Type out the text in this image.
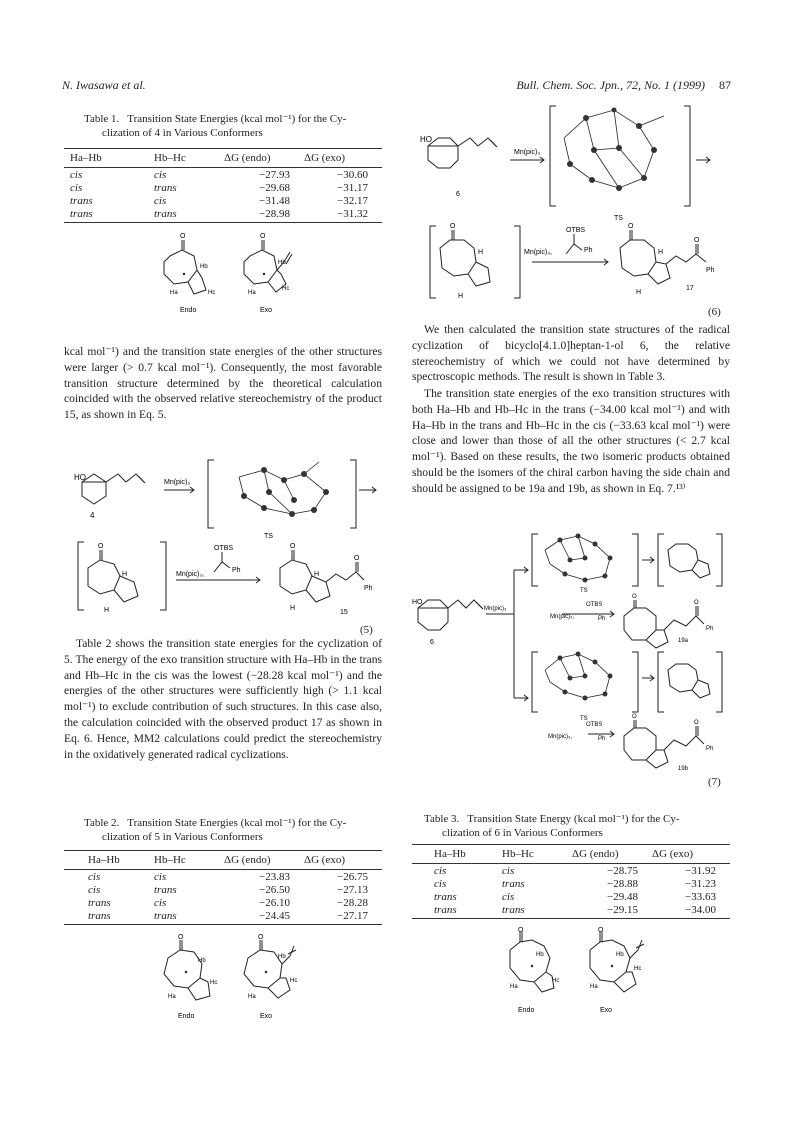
N. Iwasawa et al.	Bull. Chem. Soc. Jpn., 72, No. 1 (1999) 87
Table 1. Transition State Energies (kcal mol⁻¹) for the Cy-
clization of 4 in Various Conformers
Ha–Hb	Hb–Hc	ΔG (endo)	ΔG (exo)
cis	cis	−27.93	−30.60
cis	trans	−29.68	−31.17
trans	cis	−31.48	−32.17
trans	trans	−28.98	−31.32
O	O
Hb
Hb
Ha	Ha
Hc
Hc
Endo	Exo
kcal mol⁻¹) and the transition state energies of the other structures were larger (> 0.7 kcal mol⁻¹). Consequently, the most favorable transition structure determined by the theoretical calculation coincided with the observed relative stereochemistry of the product 15, as shown in Eq. 5.
HO
4
Mn(pic)₃
TS
O
H
H
OTBS
Mn(pic)₃,
Ph
O
H
H
O
Ph
15
(5)
Table 2 shows the transition state energies for the cyclization of 5. The energy of the exo transition structure with Ha–Hb in the trans and Hb–Hc in the cis was the lowest (−28.28 kcal mol⁻¹) and the energies of the other structures were sufficiently high (> 1.1 kcal mol⁻¹) to exclude contribution of such structures. In this case also, the calculation coincided with the observed product 17 as shown in Eq. 6. Hence, MM2 calculations could predict the stereochemistry in the oxidatively generated radical cyclizations.
Table 2. Transition State Energies (kcal mol⁻¹) for the Cy-
clization of 5 in Various Conformers
Ha–Hb	Hb–Hc	ΔG (endo)	ΔG (exo)
cis	cis	−23.83	−26.75
cis	trans	−26.50	−27.13
trans	cis	−26.10	−28.28
trans	trans	−24.45	−27.17
O	O
Hb
Hb
Ha	Ha
Hc	Hc
Endo	Exo
HO
6
Mn(pic)₃
TS
O
H
H
OTBS
Mn(pic)₃,	Ph
O
H
H
O
Ph
17
(6)
We then calculated the transition state structures of the radical cyclization of bicyclo[4.1.0]heptan-1-ol 6, the relative stereochemistry of which we could not have determined by spectroscopic methods. The result is shown in Table 3.
The transition state energies of the exo transition structures with both Ha–Hb and Hb–Hc in the trans (−34.00 kcal mol⁻¹) and with Ha–Hb in the trans and Hb–Hc in the cis (−33.63 kcal mol⁻¹) were close and lower than those of all the other structures (< 2.7 kcal mol⁻¹). Based on these results, the two isomeric products obtained should be the isomers of the chiral carbon having the side chain and should be assigned to be 19a and 19b, as shown in Eq. 7.¹³⁾
HO
6
Mn(pic)₃
TS
TS
OTBS
Mn(pic)₃,	Ph
OTBS
Mn(pic)₃,	Ph
O
O
Ph
19a
O
O
Ph
19b
(7)
Table 3. Transition State Energy (kcal mol⁻¹) for the Cy-
clization of 6 in Various Conformers
Ha–Hb	Hb–Hc	ΔG (endo)	ΔG (exo)
cis	cis	−28.75	−31.92
cis	trans	−28.88	−31.23
trans	cis	−29.48	−33.63
trans	trans	−29.15	−34.00
O	O
Hb	Hb
Ha	Ha
Hc
Hc
Endo	Exo
